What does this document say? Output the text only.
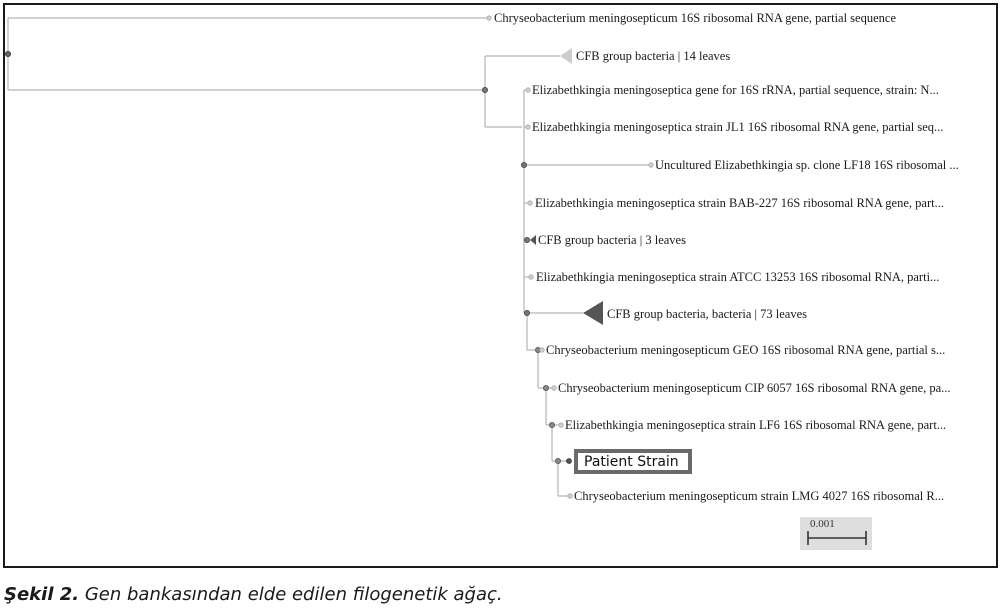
Chryseobacterium meningosepticum 16S ribosomal RNA gene, partial sequence
CFB group bacteria | 14 leaves
Elizabethkingia meningoseptica gene for 16S rRNA, partial sequence, strain: N...
Elizabethkingia meningoseptica strain JL1 16S ribosomal RNA gene, partial seq...
Uncultured Elizabethkingia sp. clone LF18 16S ribosomal ...
Elizabethkingia meningoseptica strain BAB-227 16S ribosomal RNA gene, part...
CFB group bacteria | 3 leaves
Elizabethkingia meningoseptica strain ATCC 13253 16S ribosomal RNA, parti...
CFB group bacteria, bacteria | 73 leaves
Chryseobacterium meningosepticum GEO 16S ribosomal RNA gene, partial s...
Chryseobacterium meningosepticum CIP 6057 16S ribosomal RNA gene, pa...
Elizabethkingia meningoseptica strain LF6 16S ribosomal RNA gene, part...
Chryseobacterium meningosepticum strain LMG 4027 16S ribosomal R...
Patient Strain
0.001
Şekil 2. Gen bankasından elde edilen filogenetik ağaç.
